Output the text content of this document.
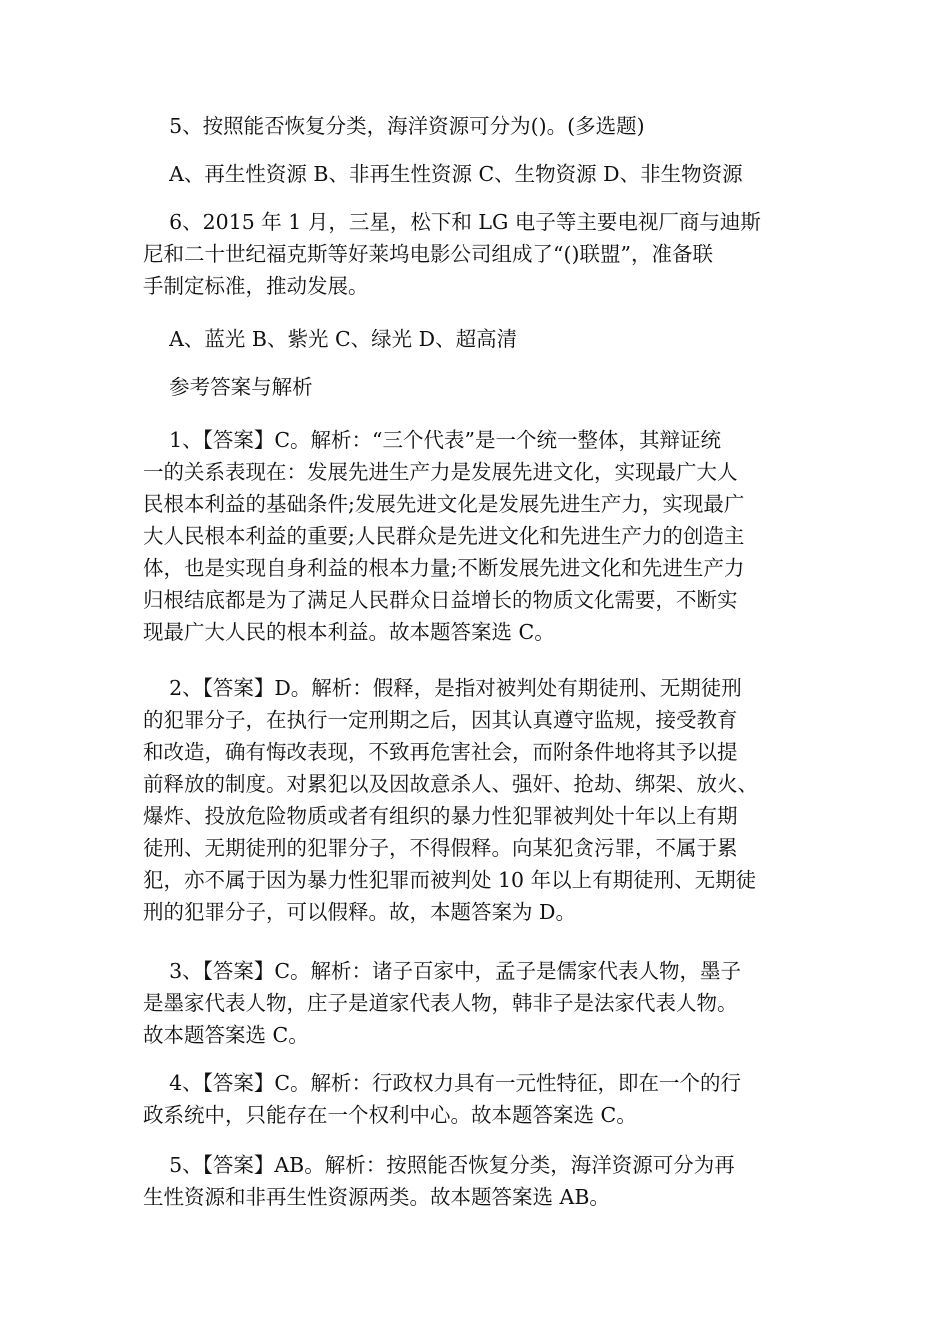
5、按照能否恢复分类，海洋资源可分为()。(多选题)
A、再生性资源 B、非再生性资源 C、生物资源 D、非生物资源
6、2015 年 1 月，三星，松下和 LG 电子等主要电视厂商与迪斯
尼和二十世纪福克斯等好莱坞电影公司组成了“()联盟”，准备联
手制定标准，推动发展。
A、蓝光 B、紫光 C、绿光 D、超高清
参考答案与解析
1、【答案】C。解析：“三个代表”是一个统一整体，其辩证统
一的关系表现在：发展先进生产力是发展先进文化，实现最广大人
民根本利益的基础条件;发展先进文化是发展先进生产力，实现最广
大人民根本利益的重要;人民群众是先进文化和先进生产力的创造主
体，也是实现自身利益的根本力量;不断发展先进文化和先进生产力
归根结底都是为了满足人民群众日益增长的物质文化需要，不断实
现最广大人民的根本利益。故本题答案选 C。
2、【答案】D。解析：假释，是指对被判处有期徒刑、无期徒刑
的犯罪分子，在执行一定刑期之后，因其认真遵守监规，接受教育
和改造，确有悔改表现，不致再危害社会，而附条件地将其予以提
前释放的制度。对累犯以及因故意杀人、强奸、抢劫、绑架、放火、
爆炸、投放危险物质或者有组织的暴力性犯罪被判处十年以上有期
徒刑、无期徒刑的犯罪分子，不得假释。向某犯贪污罪，不属于累
犯，亦不属于因为暴力性犯罪而被判处 10 年以上有期徒刑、无期徒
刑的犯罪分子，可以假释。故，本题答案为 D。
3、【答案】C。解析：诸子百家中，孟子是儒家代表人物，墨子
是墨家代表人物，庄子是道家代表人物，韩非子是法家代表人物。
故本题答案选 C。
4、【答案】C。解析：行政权力具有一元性特征，即在一个的行
政系统中，只能存在一个权利中心。故本题答案选 C。
5、【答案】AB。解析：按照能否恢复分类，海洋资源可分为再
生性资源和非再生性资源两类。故本题答案选 AB。
